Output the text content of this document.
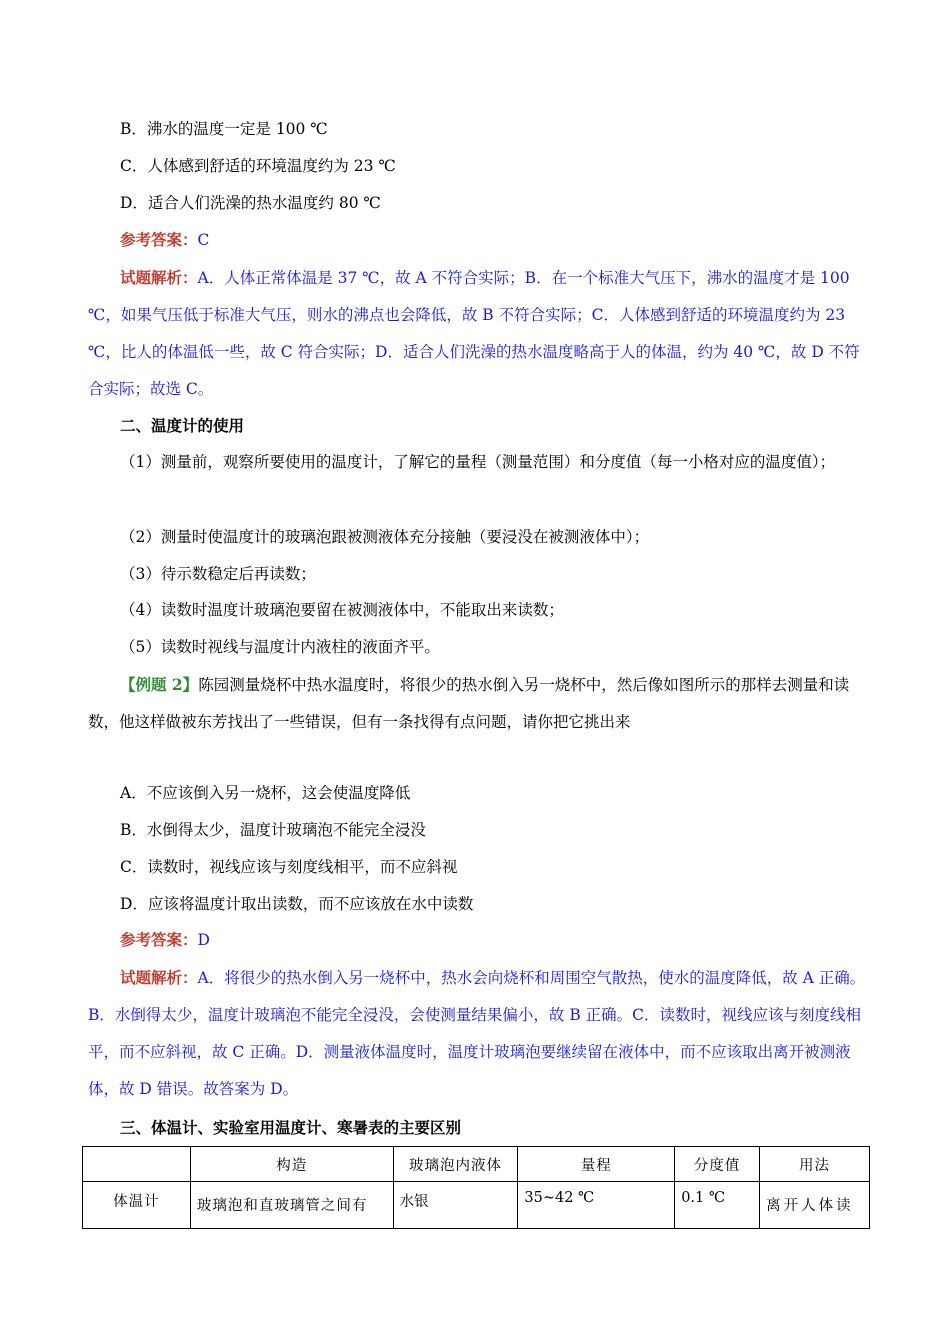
B．沸水的温度一定是 100 ℃
C．人体感到舒适的环境温度约为 23 ℃
D．适合人们洗澡的热水温度约 80 ℃
参考答案：C
试题解析：A．人体正常体温是 37 ℃，故 A 不符合实际；B．在一个标准大气压下，沸水的温度才是 100 ℃，如果气压低于标准大气压，则水的沸点也会降低，故 B 不符合实际；C．人体感到舒适的环境温度约为 23 ℃，比人的体温低一些，故 C 符合实际；D．适合人们洗澡的热水温度略高于人的体温，约为 40 ℃，故 D 不符合实际；故选 C。
二、温度计的使用
（1）测量前，观察所要使用的温度计，了解它的量程（测量范围）和分度值（每一小格对应的温度值）；
（2）测量时使温度计的玻璃泡跟被测液体充分接触（要浸没在被测液体中）；
（3）待示数稳定后再读数；
（4）读数时温度计玻璃泡要留在被测液体中，不能取出来读数；
（5）读数时视线与温度计内液柱的液面齐平。
【例题 2】陈园测量烧杯中热水温度时，将很少的热水倒入另一烧杯中，然后像如图所示的那样去测量和读数，他这样做被东芳找出了一些错误，但有一条找得有点问题，请你把它挑出来
A．不应该倒入另一烧杯，这会使温度降低
B．水倒得太少，温度计玻璃泡不能完全浸没
C．读数时，视线应该与刻度线相平，而不应斜视
D．应该将温度计取出读数，而不应该放在水中读数
参考答案：D
试题解析：A．将很少的热水倒入另一烧杯中，热水会向烧杯和周围空气散热，使水的温度降低，故 A 正确。B．水倒得太少，温度计玻璃泡不能完全浸没，会使测量结果偏小，故 B 正确。C．读数时，视线应该与刻度线相平，而不应斜视，故 C 正确。D．测量液体温度时，温度计玻璃泡要继续留在液体中，而不应该取出离开被测液体，故 D 错误。故答案为 D。
三、体温计、实验室用温度计、寒暑表的主要区别
	构造	玻璃泡内液体	量程	分度值	用法
体温计	玻璃泡和直玻璃管之间有	水银	35~42 ℃	0.1 ℃	离开人体读
